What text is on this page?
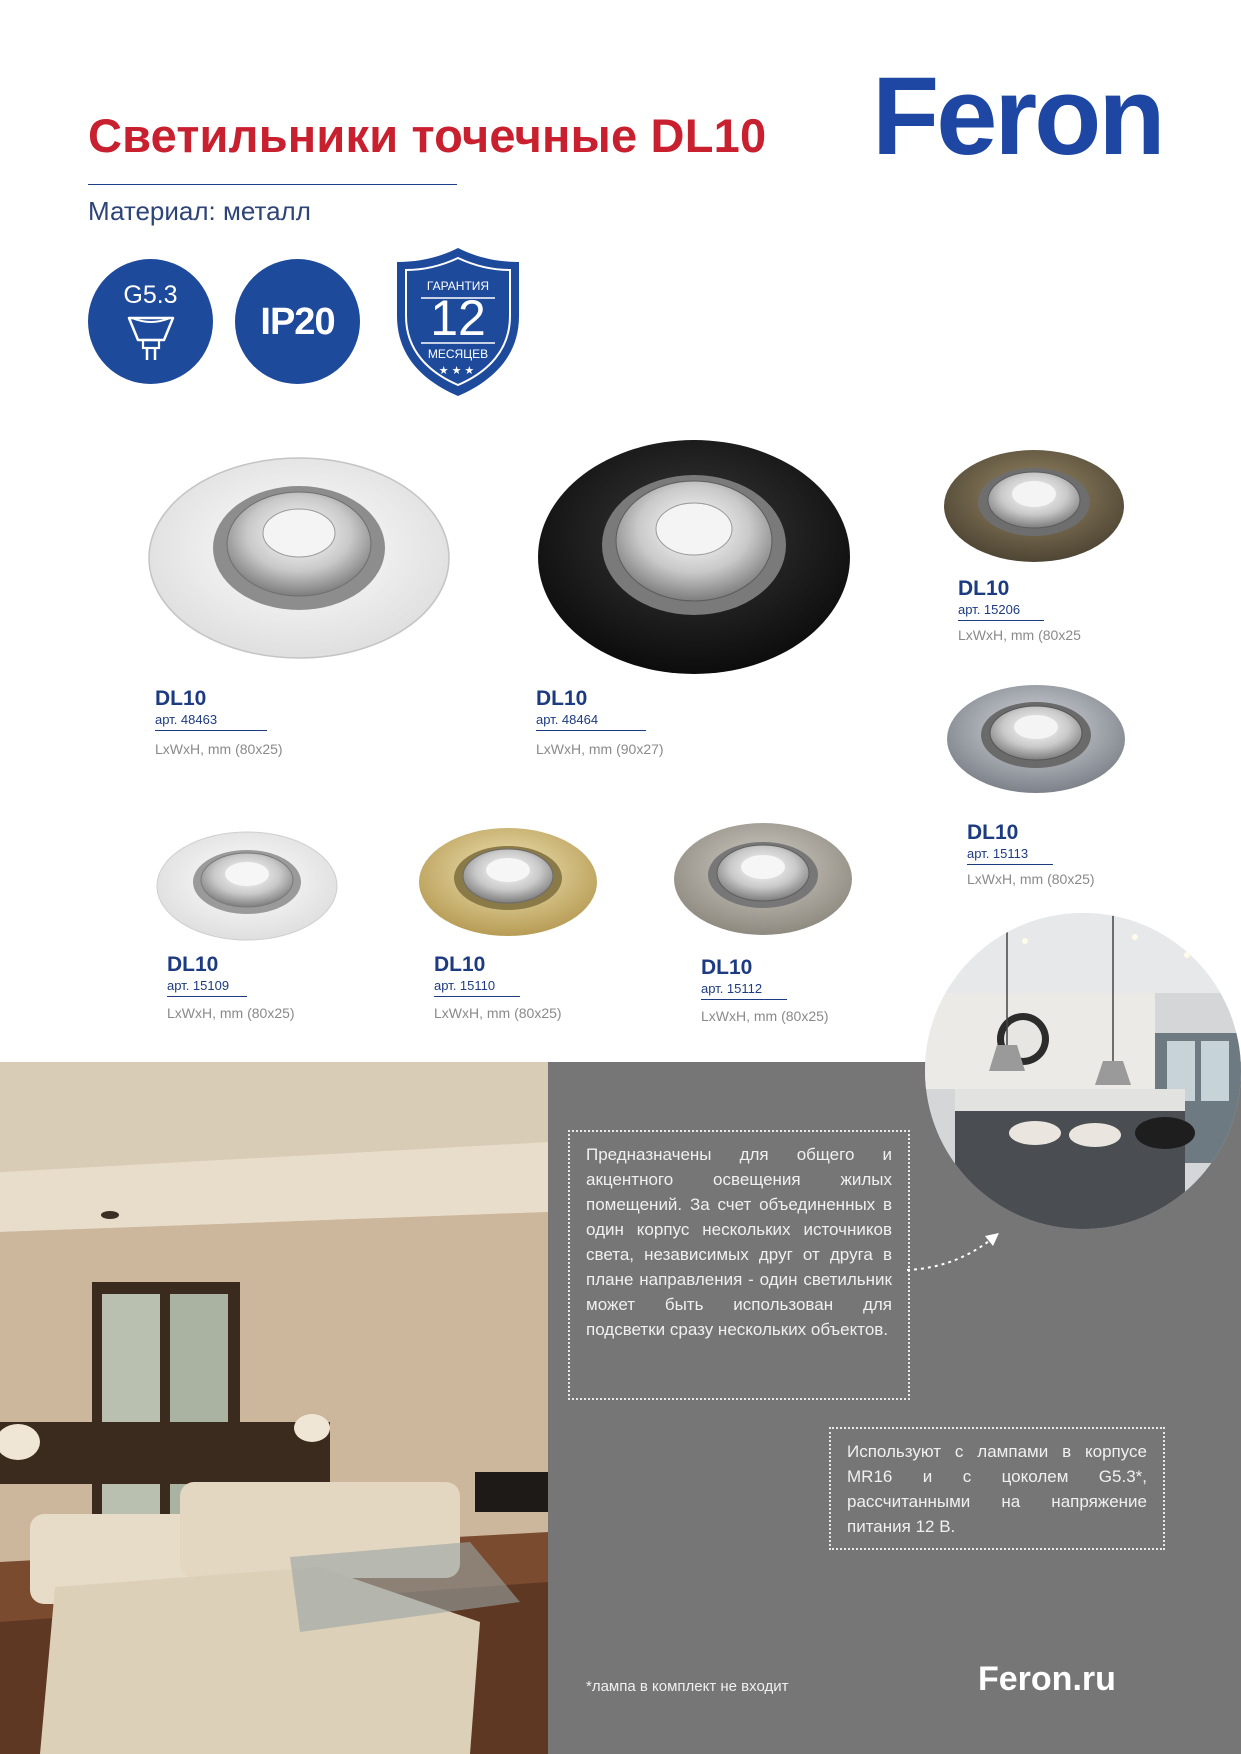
Светильники точечные DL10
Материал: металл
Feron
G5.3
IP20
ГАРАНТИЯ
12
МЕСЯЦЕВ
★★★
DL10
арт. 48463
LxWxH, mm (80x25)
DL10
арт. 48464
LxWxH, mm (90x27)
DL10
арт. 15206
LxWxH, mm (80x25
DL10
арт. 15113
LxWxH, mm (80x25)
DL10
арт. 15109
LxWxH, mm (80x25)
DL10
арт. 15110
LxWxH, mm (80x25)
DL10
арт. 15112
LxWxH, mm (80x25)
Предназначены для общего и акцентного освещения жилых помещений. За счет объединенных в один корпус нескольких источников света, независимых друг от друга в плане направления - один светильник может быть использован для подсветки сразу нескольких объектов.
Используют с лампами в корпусе MR16 и с цоколем G5.3*, рассчитанными на напряжение питания 12 В.
*лампа в комплект не входит	Feron.ru
